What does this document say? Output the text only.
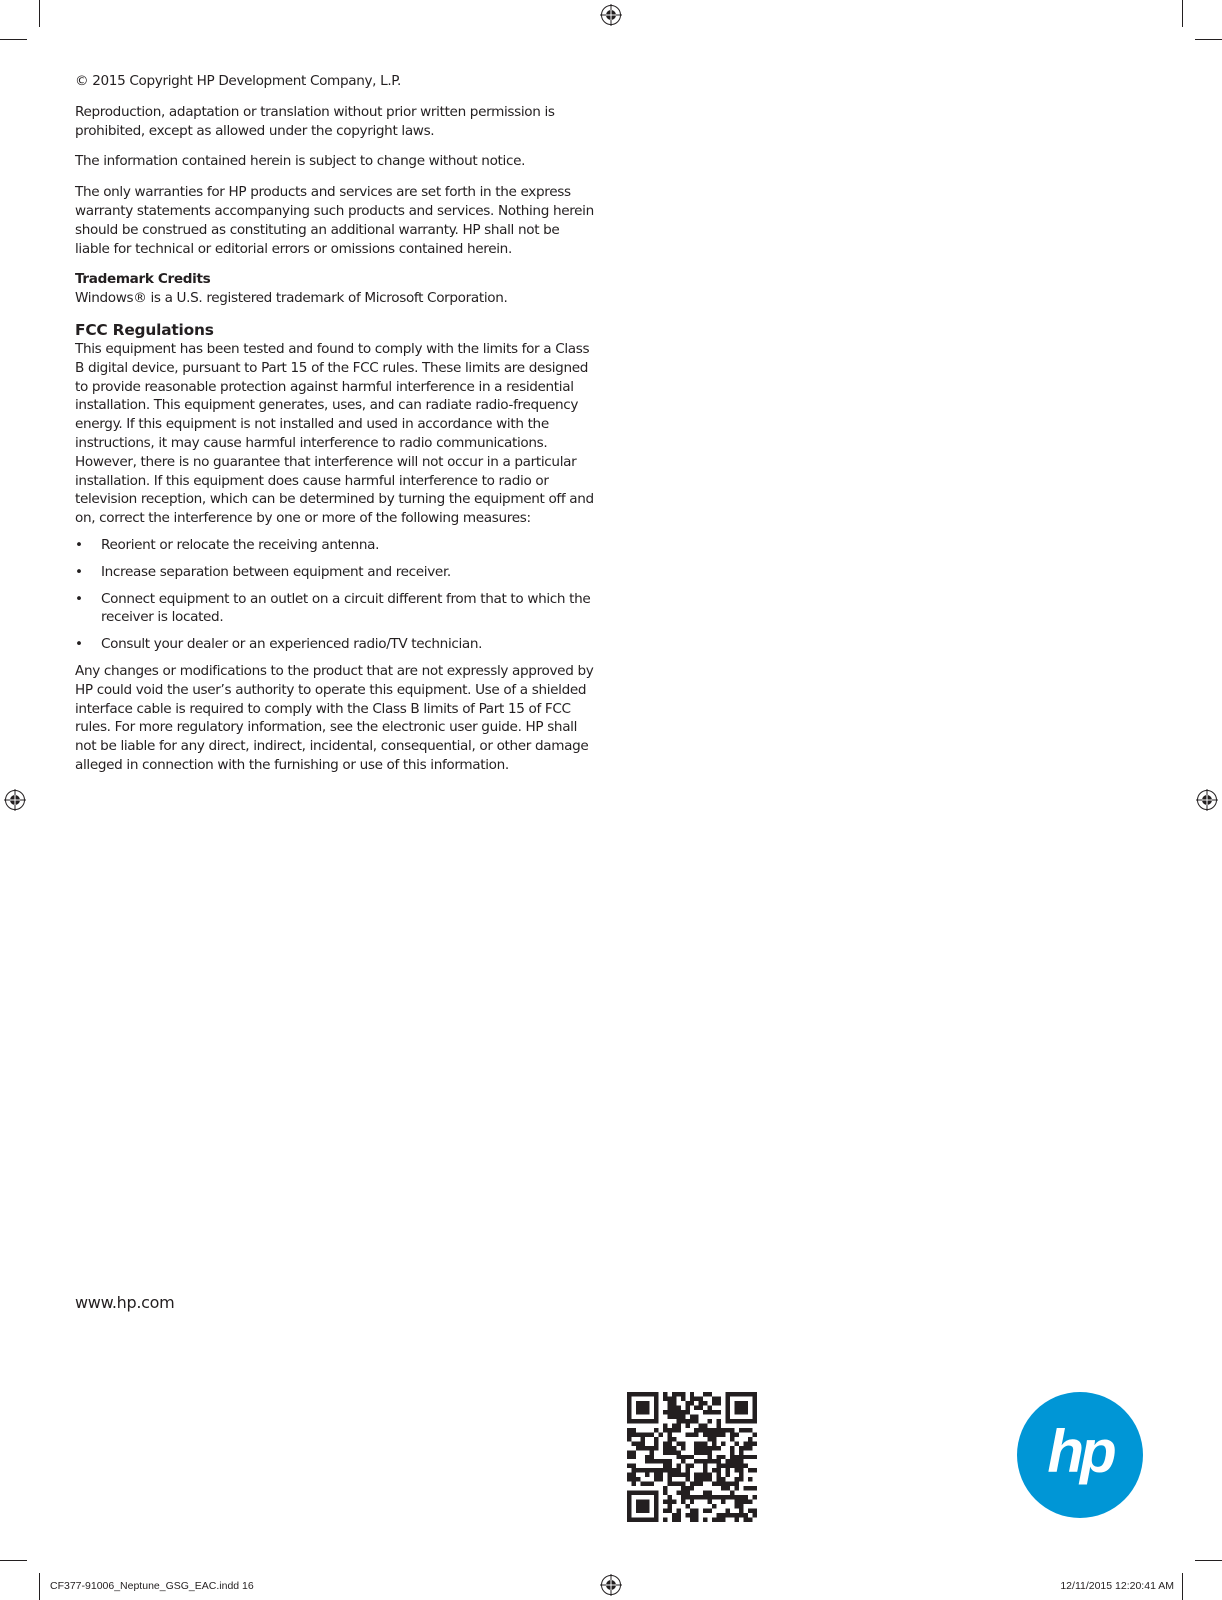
© 2015 Copyright HP Development Company, L.P.

Reproduction, adaptation or translation without prior written permission is prohibited, except as allowed under the copyright laws.

The information contained herein is subject to change without notice.

The only warranties for HP products and services are set forth in the express warranty statements accompanying such products and services. Nothing herein should be construed as constituting an additional warranty. HP shall not be liable for technical or editorial errors or omissions contained herein.

Trademark Credits

Windows® is a U.S. registered trademark of Microsoft Corporation.

FCC Regulations

This equipment has been tested and found to comply with the limits for a Class B digital device, pursuant to Part 15 of the FCC rules. These limits are designed to provide reasonable protection against harmful interference in a residential installation. This equipment generates, uses, and can radiate radio-frequency energy. If this equipment is not installed and used in accordance with the instructions, it may cause harmful interference to radio communications. However, there is no guarantee that interference will not occur in a particular installation. If this equipment does cause harmful interference to radio or television reception, which can be determined by turning the equipment off and on, correct the interference by one or more of the following measures:

• Reorient or relocate the receiving antenna.
• Increase separation between equipment and receiver.
• Connect equipment to an outlet on a circuit different from that to which the receiver is located.
• Consult your dealer or an experienced radio/TV technician.

Any changes or modifications to the product that are not expressly approved by HP could void the user’s authority to operate this equipment. Use of a shielded interface cable is required to comply with the Class B limits of Part 15 of FCC rules. For more regulatory information, see the electronic user guide. HP shall not be liable for any direct, indirect, incidental, consequential, or other damage alleged in connection with the furnishing or use of this information.

www.hp.com
hp
CF377-91006_Neptune_GSG_EAC.indd 16	12/11/2015 12:20:41 AM
